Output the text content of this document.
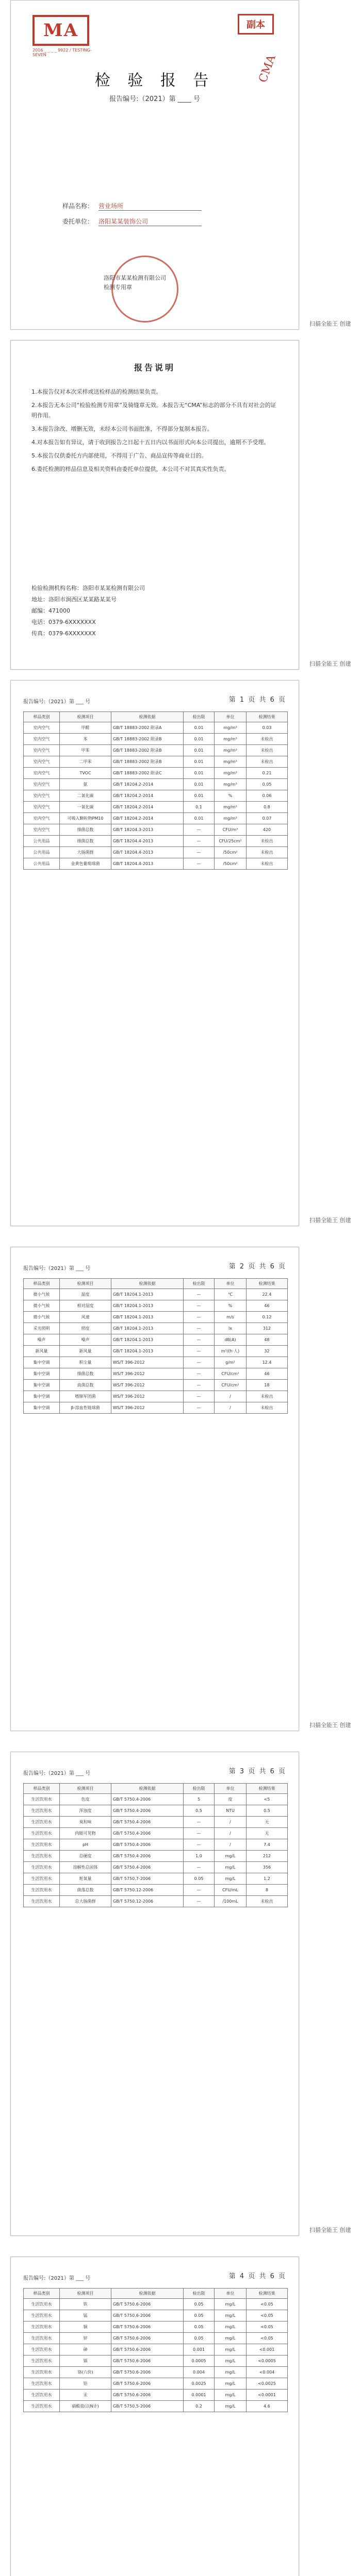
MA
2016 _ _ _ _ 9922 / TESTING-SEVEN
副本
CMA
检 验 报 告
报告编号:（2021）第 ____ 号
样品名称： 营业场所
委托单位： 洛阳某某装饰公司
洛阳市某某检测有限公司
检测专用章
扫描全能王 创建
报告说明

1.本报告仅对本次采样或送检样品的检测结果负责。

2.本报告无本公司“检验检测专用章”及骑缝章无效。本报告无“CMA”标志的部分不具有对社会的证明作用。

3.本报告涂改、增删无效，未经本公司书面批准，不得部分复制本报告。

4.对本报告如有异议，请于收到报告之日起十五日内以书面形式向本公司提出，逾期不予受理。

5.本报告仅供委托方内部使用，不得用于广告、商品宣传等商业目的。

6.委托检测的样品信息及相关资料由委托单位提供，本公司不对其真实性负责。

检验检测机构名称：洛阳市某某检测有限公司
地址：洛阳市涧西区某某路某某号
邮编：471000
电话：0379-6XXXXXXX
传真：0379-6XXXXXXX
扫描全能王 创建
报告编号:（2021）第 ___ 号	第 1 页 共 6 页
样品类别	检测项目	检测依据	检出限	单位	检测结果
室内空气	甲醛	GB/T 18883-2002 附录A	0.01	mg/m³	0.03
室内空气	苯	GB/T 18883-2002 附录B	0.01	mg/m³	未检出
室内空气	甲苯	GB/T 18883-2002 附录B	0.01	mg/m³	未检出
室内空气	二甲苯	GB/T 18883-2002 附录B	0.01	mg/m³	未检出
室内空气	TVOC	GB/T 18883-2002 附录C	0.01	mg/m³	0.21
室内空气	氨	GB/T 18204.2-2014	0.01	mg/m³	0.05
室内空气	二氧化碳	GB/T 18204.2-2014	0.01	%	0.06
室内空气	一氧化碳	GB/T 18204.2-2014	0.1	mg/m³	0.8
室内空气	可吸入颗粒物PM10	GB/T 18204.2-2014	0.01	mg/m³	0.07
室内空气	细菌总数	GB/T 18204.3-2013	—	CFU/m³	420
公共用品	细菌总数	GB/T 18204.4-2013	—	CFU/25cm²	未检出
公共用品	大肠菌群	GB/T 18204.4-2013	—	/50cm²	未检出
公共用品	金黄色葡萄球菌	GB/T 18204.4-2013	—	/50cm²	未检出
扫描全能王 创建
报告编号:（2021）第 ___ 号	第 2 页 共 6 页
样品类别	检测项目	检测依据	检出限	单位	检测结果
微小气候	温度	GB/T 18204.1-2013	—	℃	22.4
微小气候	相对湿度	GB/T 18204.1-2013	—	%	46
微小气候	风速	GB/T 18204.1-2013	—	m/s	0.12
采光照明	照度	GB/T 18204.1-2013	—	lx	312
噪声	噪声	GB/T 18204.1-2013	—	dB(A)	48
新风量	新风量	GB/T 18204.1-2013	—	m³/(h·人)	32
集中空调	积尘量	WS/T 396-2012	—	g/m²	12.4
集中空调	细菌总数	WS/T 396-2012	—	CFU/cm²	46
集中空调	真菌总数	WS/T 396-2012	—	CFU/cm²	18
集中空调	嗜肺军团菌	WS/T 396-2012	—	/	未检出
集中空调	β-溶血性链球菌	WS/T 396-2012	—	/	未检出
扫描全能王 创建
报告编号:（2021）第 ___ 号	第 3 页 共 6 页
样品类别	检测项目	检测依据	检出限	单位	检测结果
生活饮用水	色度	GB/T 5750.4-2006	5	度	<5
生活饮用水	浑浊度	GB/T 5750.4-2006	0.5	NTU	0.5
生活饮用水	臭和味	GB/T 5750.4-2006	—	/	无
生活饮用水	肉眼可见物	GB/T 5750.4-2006	—	/	无
生活饮用水	pH	GB/T 5750.4-2006	—	/	7.4
生活饮用水	总硬度	GB/T 5750.4-2006	1.0	mg/L	212
生活饮用水	溶解性总固体	GB/T 5750.4-2006	—	mg/L	356
生活饮用水	耗氧量	GB/T 5750.7-2006	0.05	mg/L	1.2
生活饮用水	菌落总数	GB/T 5750.12-2006	—	CFU/mL	8
生活饮用水	总大肠菌群	GB/T 5750.12-2006	—	/100mL	未检出
扫描全能王 创建
报告编号:（2021）第 ___ 号	第 4 页 共 6 页
样品类别	检测项目	检测依据	检出限	单位	检测结果
生活饮用水	铁	GB/T 5750.6-2006	0.05	mg/L	<0.05
生活饮用水	锰	GB/T 5750.6-2006	0.05	mg/L	<0.05
生活饮用水	铜	GB/T 5750.6-2006	0.05	mg/L	<0.05
生活饮用水	锌	GB/T 5750.6-2006	0.05	mg/L	<0.05
生活饮用水	砷	GB/T 5750.6-2006	0.001	mg/L	<0.001
生活饮用水	镉	GB/T 5750.6-2006	0.0005	mg/L	<0.0005
生活饮用水	铬(六价)	GB/T 5750.6-2006	0.004	mg/L	<0.004
生活饮用水	铅	GB/T 5750.6-2006	0.0025	mg/L	<0.0025
生活饮用水	汞	GB/T 5750.6-2006	0.0001	mg/L	<0.0001
生活饮用水	硝酸盐(以N计)	GB/T 5750.5-2006	0.2	mg/L	4.6
